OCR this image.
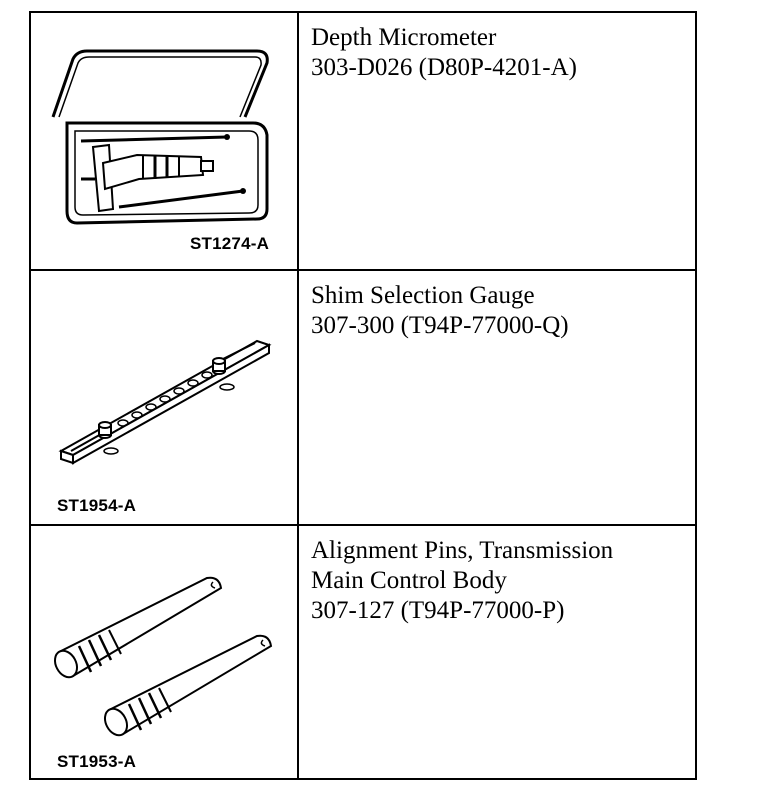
ST1274-A
Depth Micrometer
303-D026 (D80P-4201-A)
ST1954-A
Shim Selection Gauge
307-300 (T94P-77000-Q)
ST1953-A
Alignment Pins, Transmission
Main Control Body
307-127 (T94P-77000-P)
